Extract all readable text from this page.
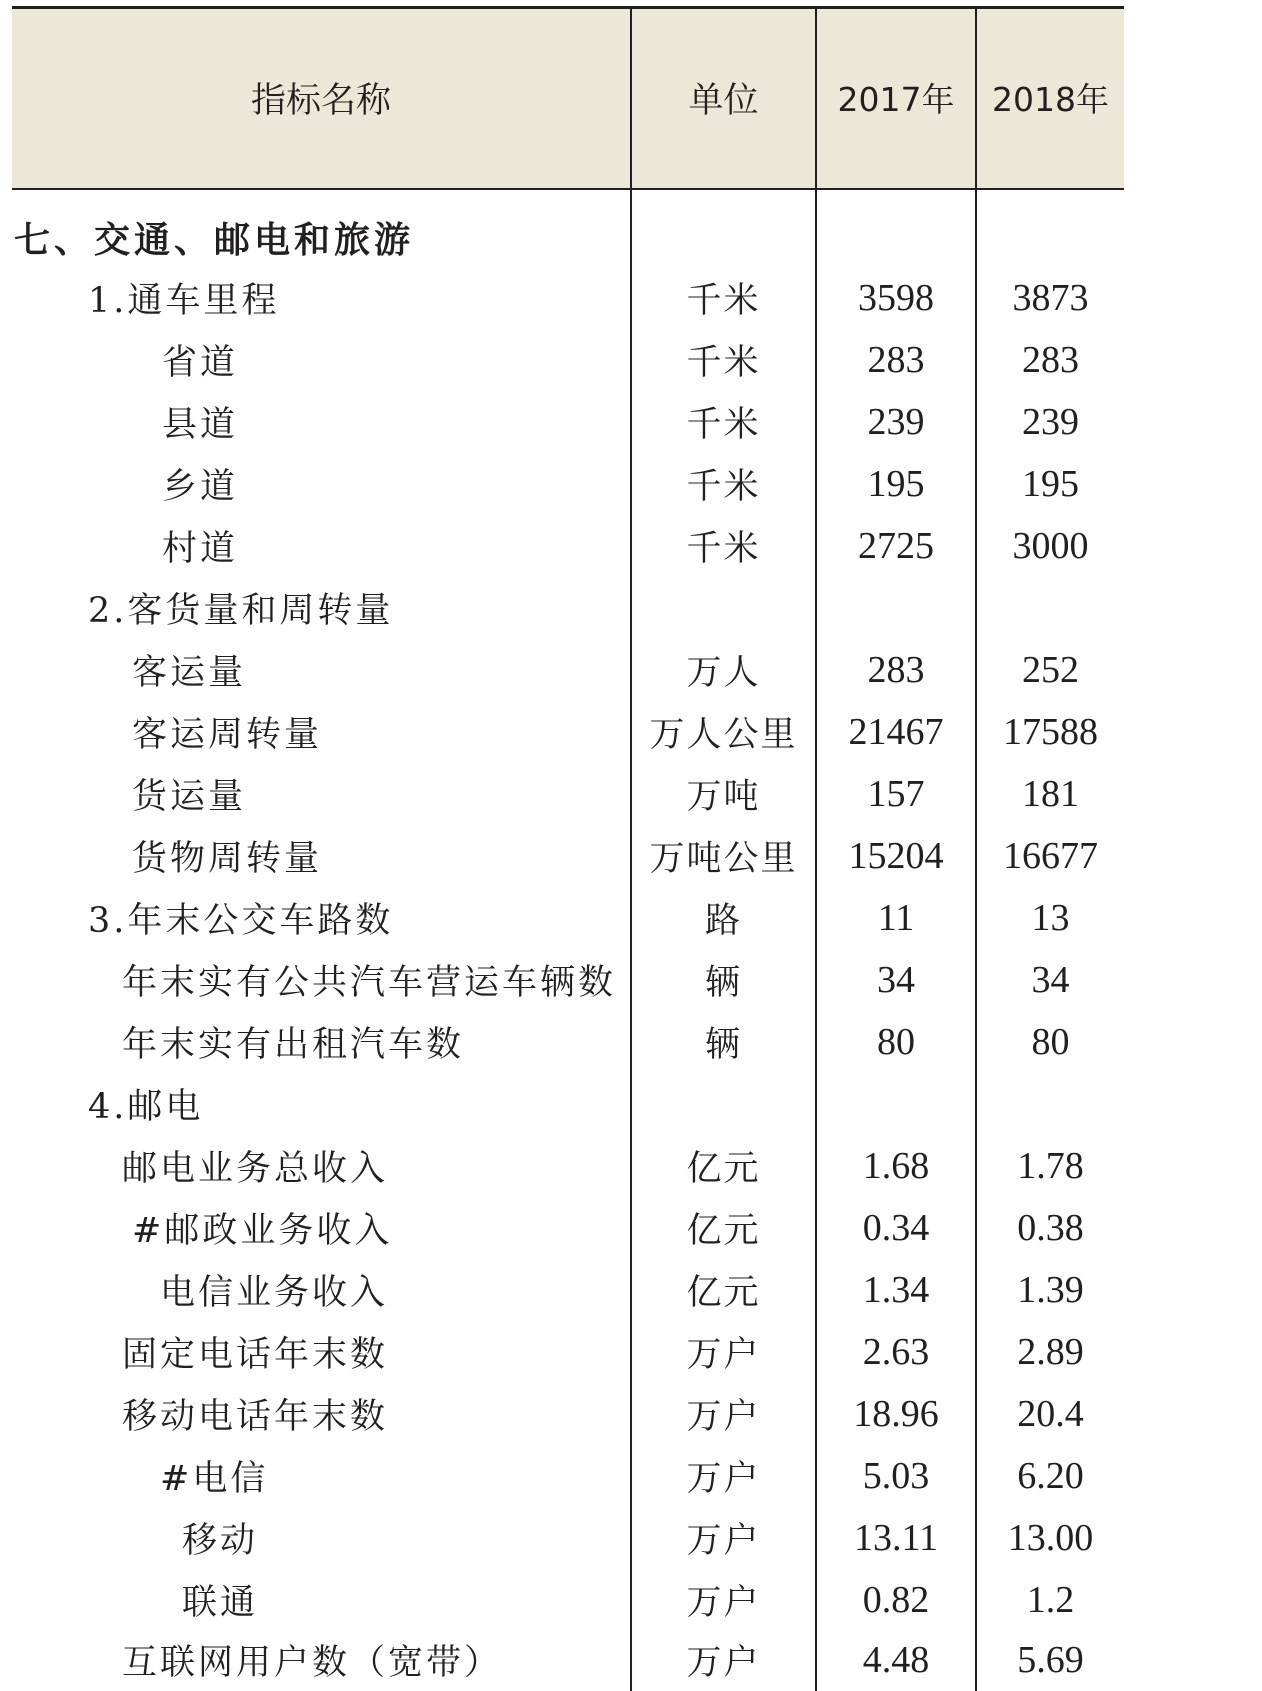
指标名称	单位	2017年	2018年
七、交通、邮电和旅游
1.通车里程	千米	3598	3873
省道	千米	283	283
县道	千米	239	239
乡道	千米	195	195
村道	千米	2725	3000
2.客货量和周转量
客运量	万人	283	252
客运周转量	万人公里	21467	17588
货运量	万吨	157	181
货物周转量	万吨公里	15204	16677
3.年末公交车路数	路	11	13
年末实有公共汽车营运车辆数	辆	34	34
年末实有出租汽车数	辆	80	80
4.邮电
邮电业务总收入	亿元	1.68	1.78
#邮政业务收入	亿元	0.34	0.38
电信业务收入	亿元	1.34	1.39
固定电话年末数	万户	2.63	2.89
移动电话年末数	万户	18.96	20.4
#电信	万户	5.03	6.20
移动	万户	13.11	13.00
联通	万户	0.82	1.2
互联网用户数（宽带）	万户	4.48	5.69
